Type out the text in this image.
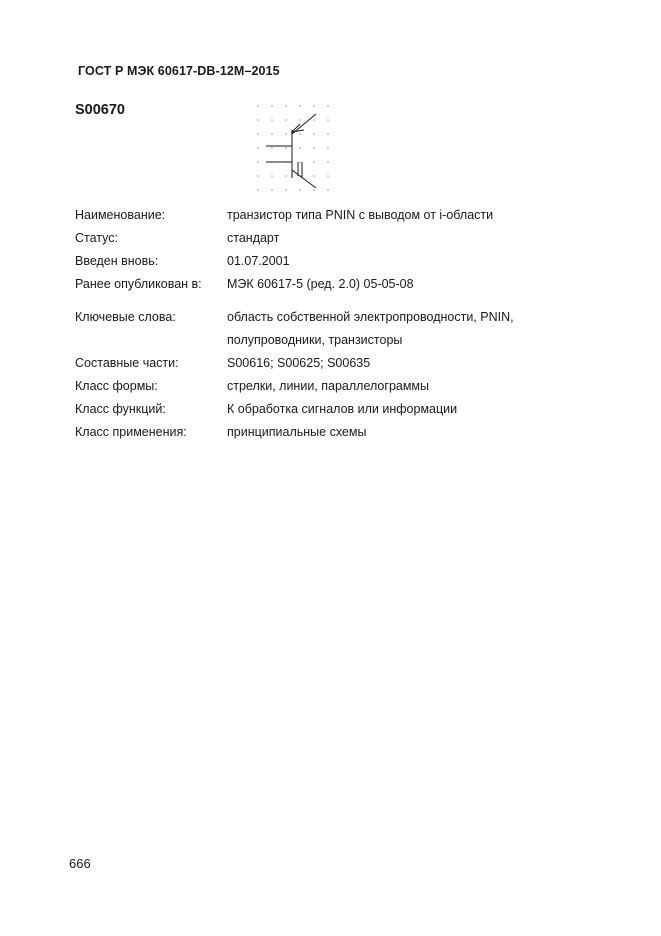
ГОСТ Р МЭК 60617-DB-12M–2015
S00670
Наименование:	транзистор типа PNIN с выводом от i-области
Статус:	стандарт
Введен вновь:	01.07.2001
Ранее опубликован в:	МЭК 60617-5 (ред. 2.0) 05-05-08
Ключевые слова:	область собственной электропроводности, PNIN,
полупроводники, транзисторы
Составные части:	S00616; S00625; S00635
Класс формы:	стрелки, линии, параллелограммы
Класс функций:	К обработка сигналов или информации
Класс применения:	принципиальные схемы
666
